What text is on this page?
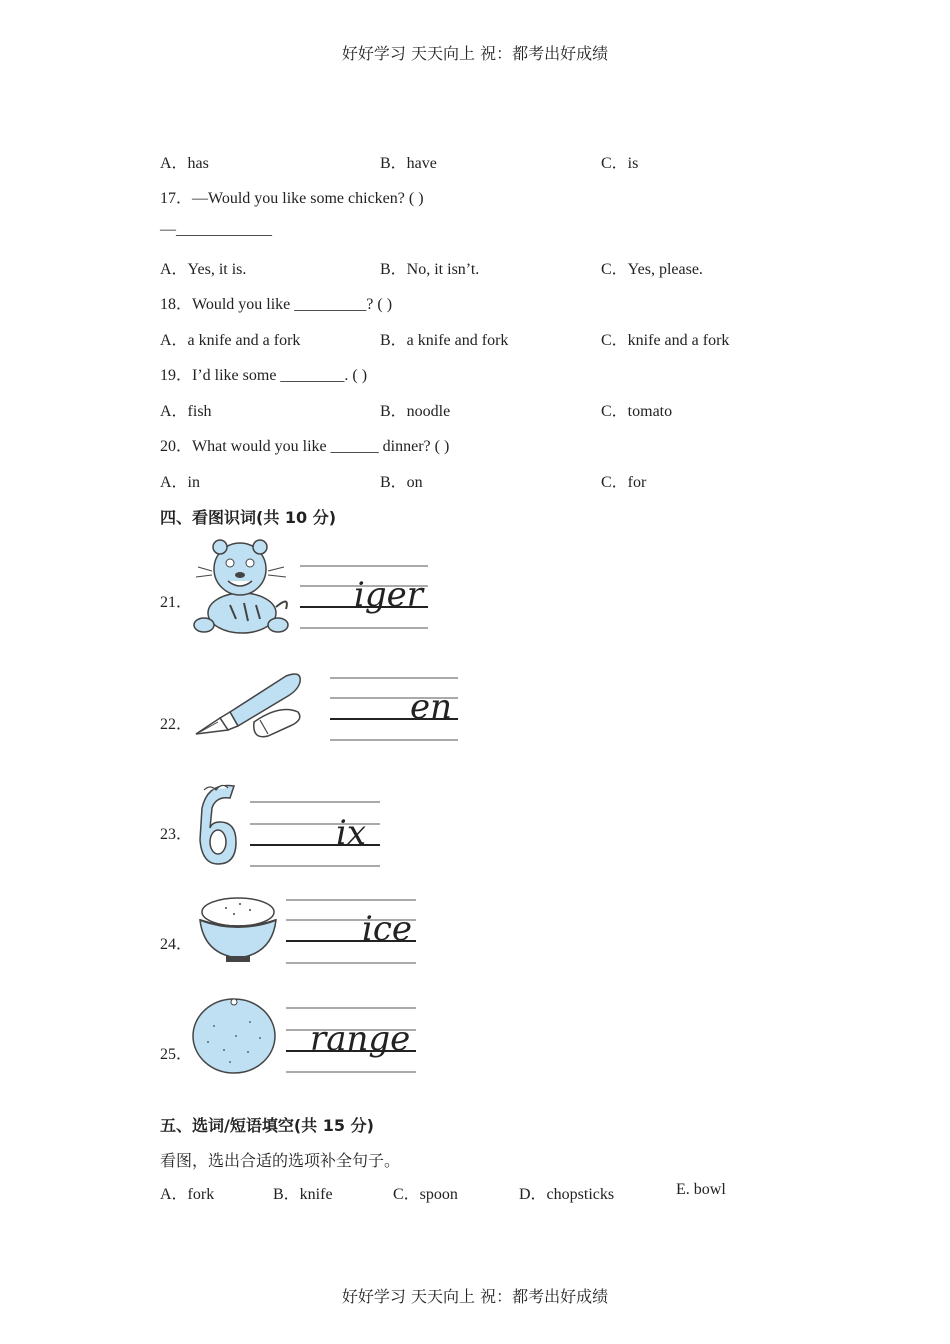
好好学习 天天向上 祝：都考出好成绩
A．has	B．have	C．is
17．—Would you like some chicken? ( )
—____________
A．Yes, it is.	B．No, it isn’t.	C．Yes, please.
18．Would you like _________? ( )
A．a knife and a fork	B．a knife and fork	C．knife and a fork
19．I’d like some ________. ( )
A．fish	B．noodle	C．tomato
20．What would you like ______ dinner? ( )
A．in	B．on	C．for
四、看图识词(共 10 分)
21．	iger
22．	en
23．	ix
24．	ice
25．	range
五、选词/短语填空(共 15 分)
看图，选出合适的选项补全句子。
A．fork	B．knife	C．spoon	D．chopsticks	E. bowl
好好学习 天天向上 祝：都考出好成绩
